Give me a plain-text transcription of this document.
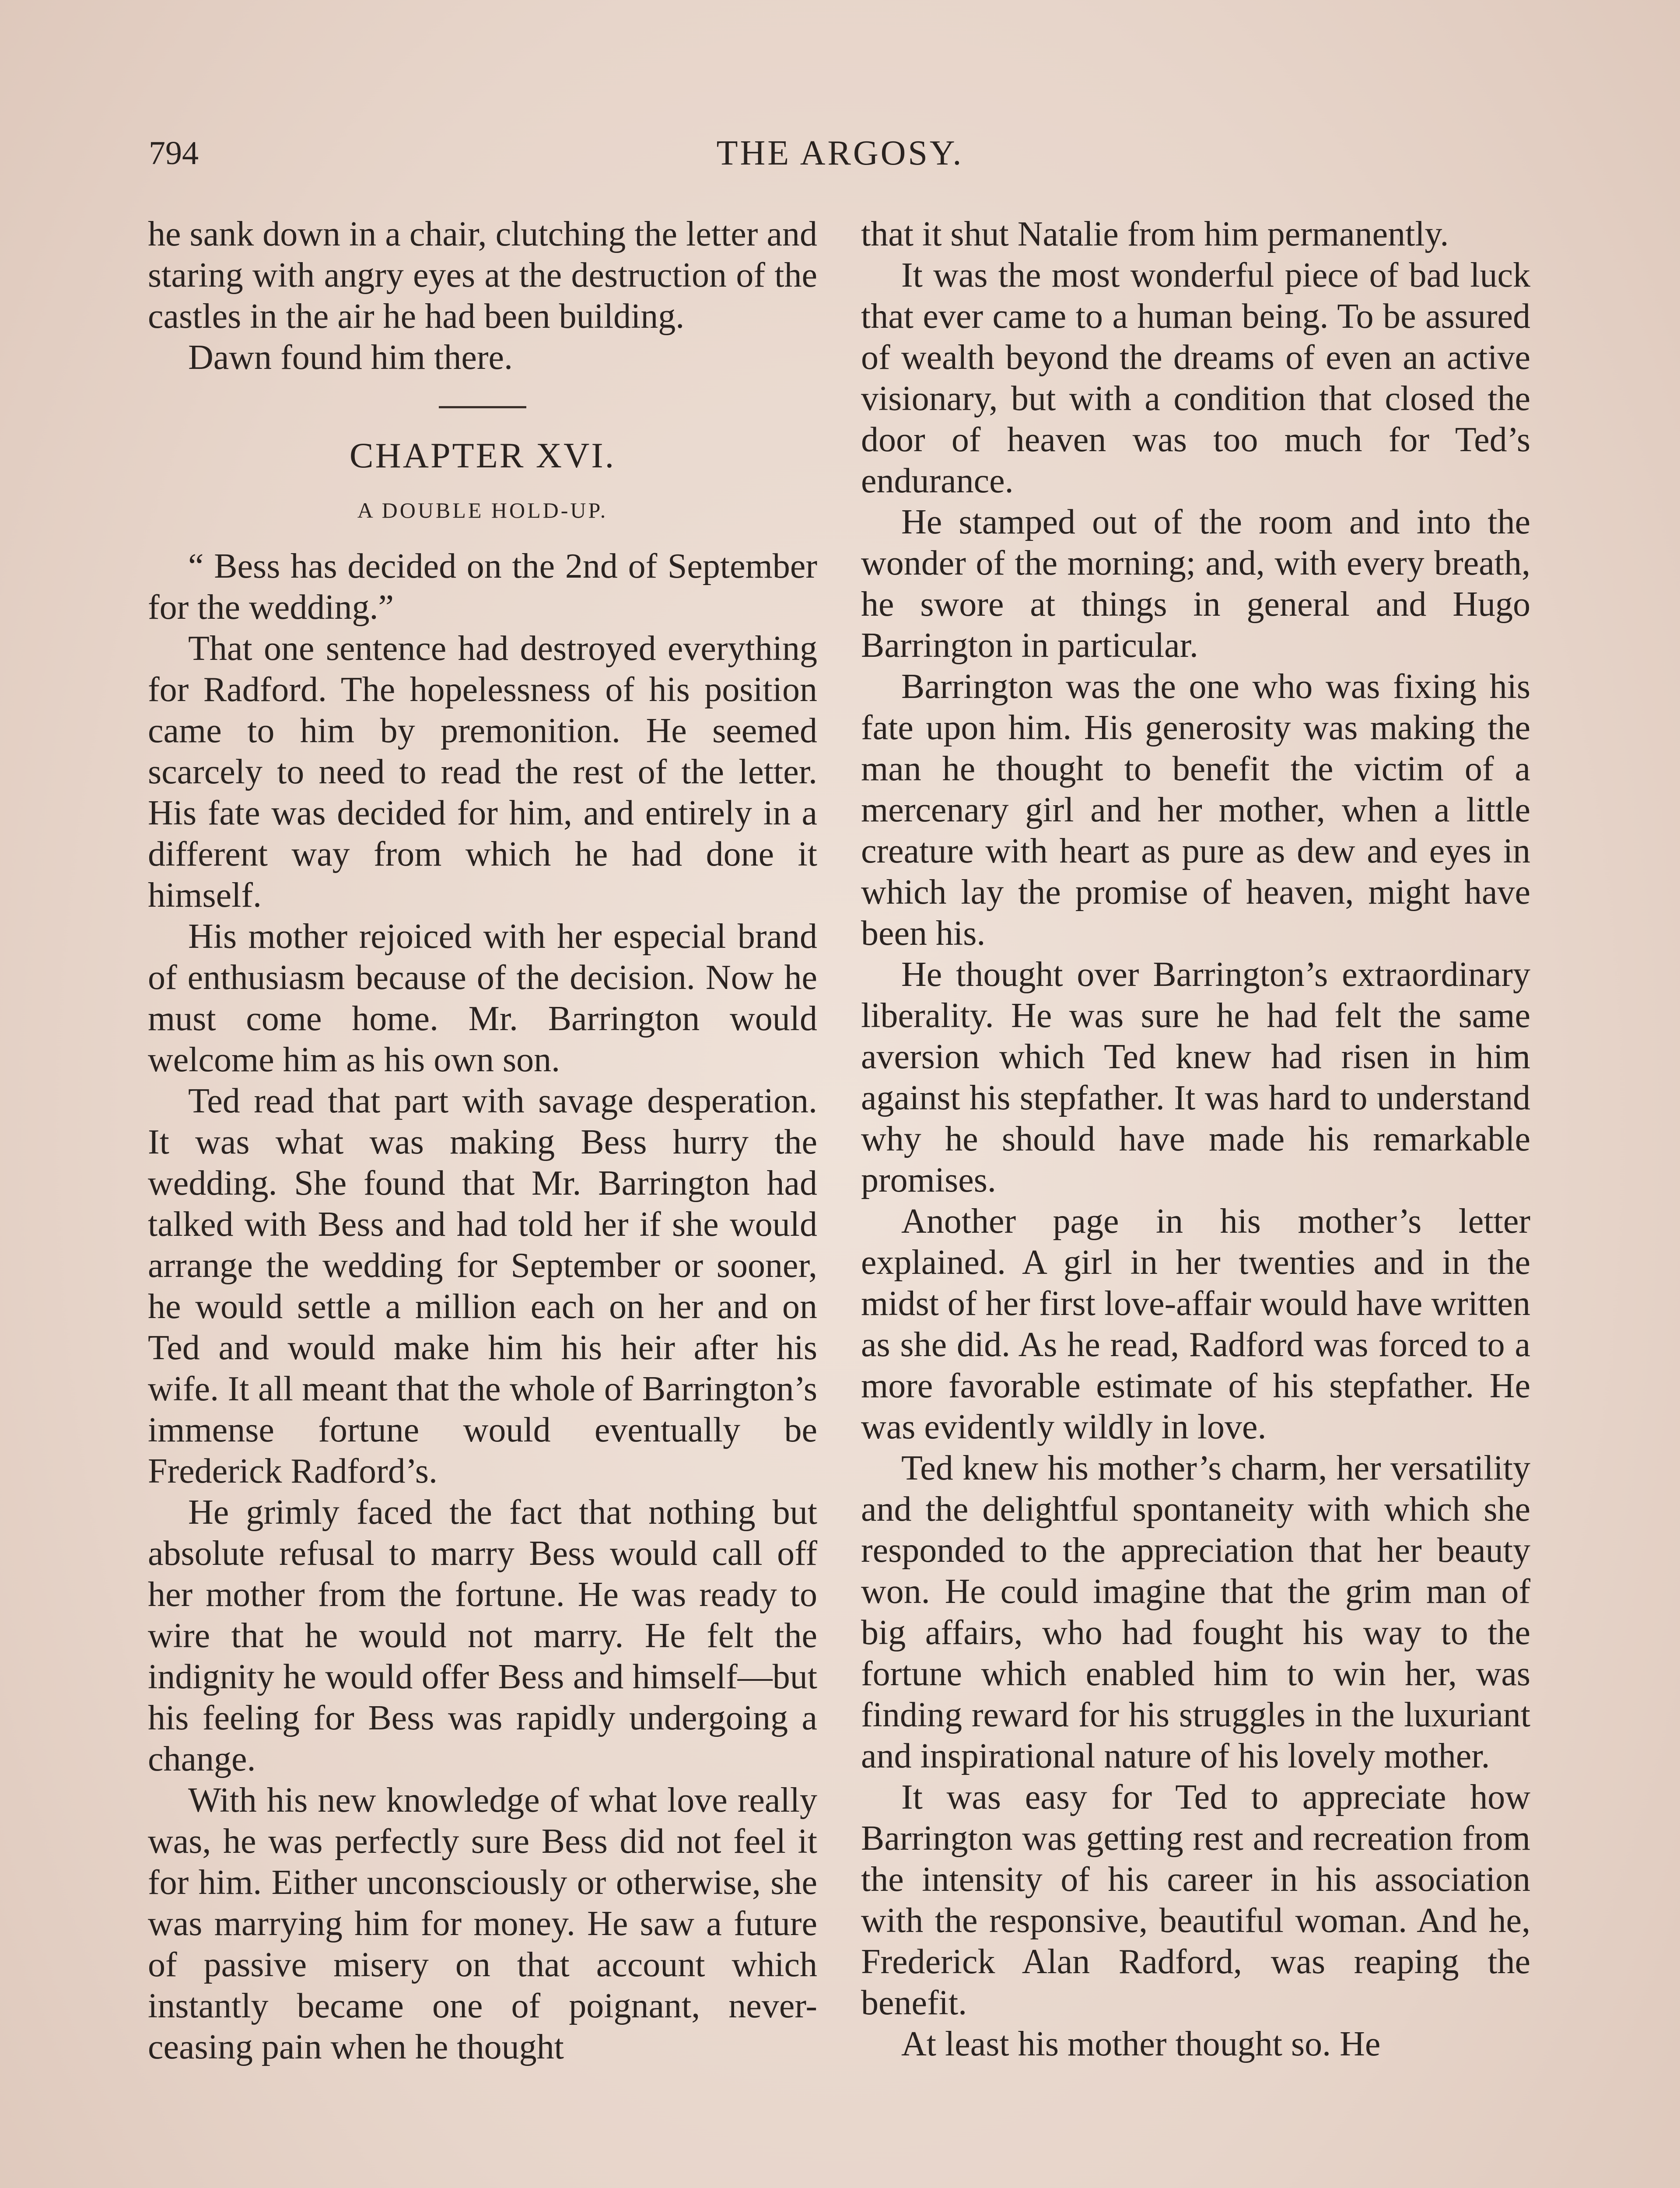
794	THE ARGOSY.

he sank down in a chair, clutching the letter and staring with angry eyes at the destruction of the castles in the air he had been building.

Dawn found him there.

CHAPTER XVI.
A DOUBLE HOLD-UP.

“ Bess has decided on the 2nd of September for the wedding.”

That one sentence had destroyed everything for Radford. The hopelessness of his position came to him by premonition. He seemed scarcely to need to read the rest of the letter. His fate was decided for him, and entirely in a different way from which he had done it himself.

His mother rejoiced with her especial brand of enthusiasm because of the decision. Now he must come home. Mr. Barrington would welcome him as his own son.

Ted read that part with savage desperation. It was what was making Bess hurry the wedding. She found that Mr. Barrington had talked with Bess and had told her if she would arrange the wedding for September or sooner, he would settle a million each on her and on Ted and would make him his heir after his wife. It all meant that the whole of Barrington’s immense fortune would eventually be Frederick Radford’s.

He grimly faced the fact that nothing but absolute refusal to marry Bess would call off her mother from the fortune. He was ready to wire that he would not marry. He felt the indignity he would offer Bess and himself—but his feeling for Bess was rapidly undergoing a change.

With his new knowledge of what love really was, he was perfectly sure Bess did not feel it for him. Either unconsciously or otherwise, she was marrying him for money. He saw a future of passive misery on that account which instantly became one of poignant, never-ceasing pain when he thought

that it shut Natalie from him permanently.

It was the most wonderful piece of bad luck that ever came to a human being. To be assured of wealth beyond the dreams of even an active visionary, but with a condition that closed the door of heaven was too much for Ted’s endurance.

He stamped out of the room and into the wonder of the morning; and, with every breath, he swore at things in general and Hugo Barrington in particular.

Barrington was the one who was fixing his fate upon him. His generosity was making the man he thought to benefit the victim of a mercenary girl and her mother, when a little creature with heart as pure as dew and eyes in which lay the promise of heaven, might have been his.

He thought over Barrington’s extraordinary liberality. He was sure he had felt the same aversion which Ted knew had risen in him against his stepfather. It was hard to understand why he should have made his remarkable promises.

Another page in his mother’s letter explained. A girl in her twenties and in the midst of her first love-affair would have written as she did. As he read, Radford was forced to a more favorable estimate of his stepfather. He was evidently wildly in love.

Ted knew his mother’s charm, her versatility and the delightful spontaneity with which she responded to the appreciation that her beauty won. He could imagine that the grim man of big affairs, who had fought his way to the fortune which enabled him to win her, was finding reward for his struggles in the luxuriant and inspirational nature of his lovely mother.

It was easy for Ted to appreciate how Barrington was getting rest and recreation from the intensity of his career in his association with the responsive, beautiful woman. And he, Frederick Alan Radford, was reaping the benefit.

At least his mother thought so. He
